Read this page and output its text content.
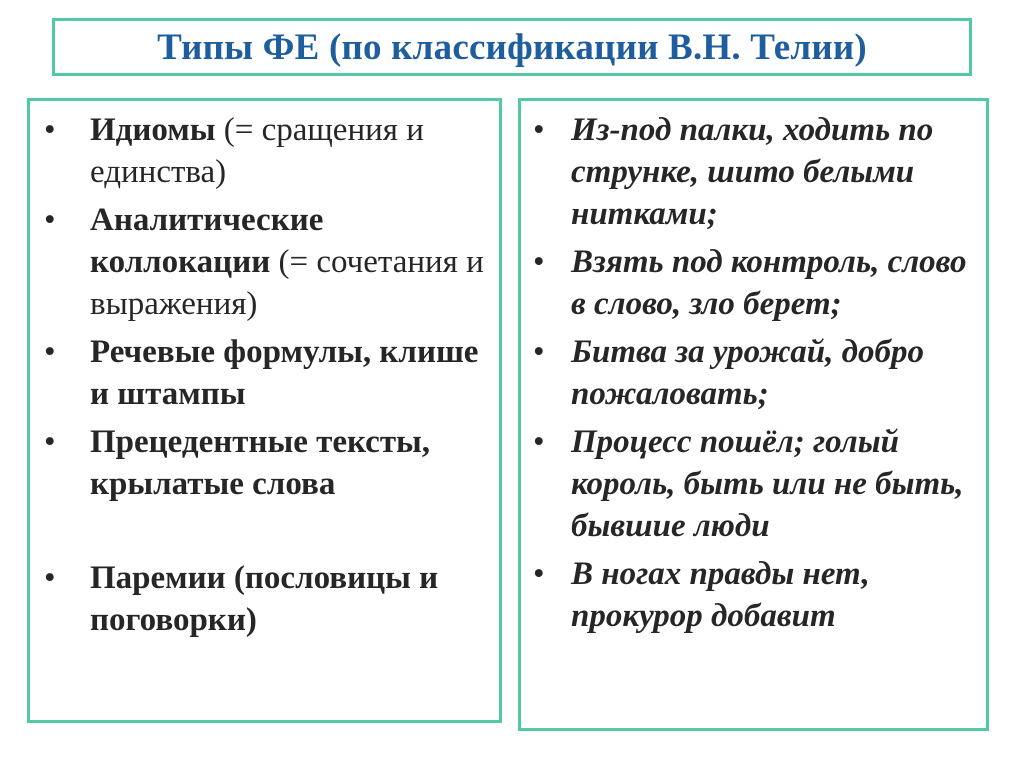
Типы ФЕ (по классификации В.Н. Телии)
• Идиомы (= сращения и единства)
• Аналитические коллокации (= сочетания и выражения)
• Речевые формулы, клише и штампы
• Прецедентные тексты, крылатые слова
• Паремии (пословицы и поговорки)
• Из-под палки, ходить по струнке, шито белыми нитками;
• Взять под контроль, слово в слово, зло берет;
• Битва за урожай, добро пожаловать;
• Процесс пошёл; голый король, быть или не быть, бывшие люди
• В ногах правды нет, прокурор добавит
